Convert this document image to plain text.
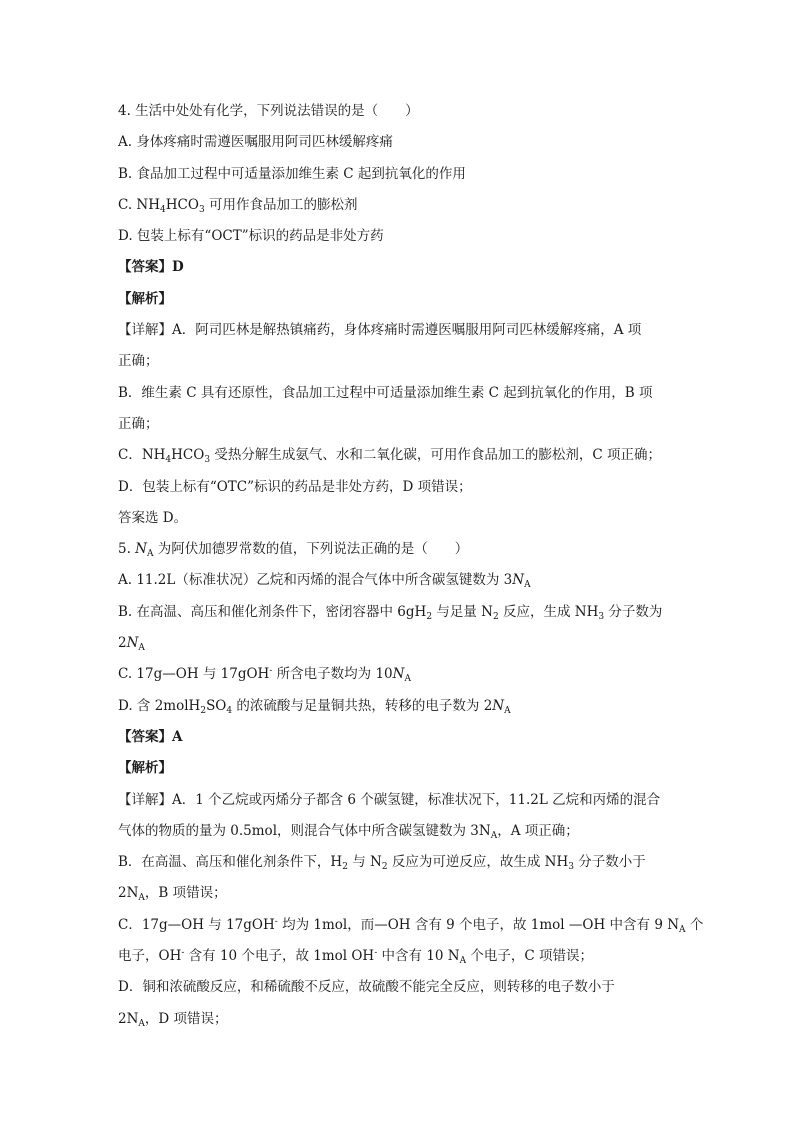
4. 生活中处处有化学，下列说法错误的是（　　）
A. 身体疼痛时需遵医嘱服用阿司匹林缓解疼痛
B. 食品加工过程中可适量添加维生素 C 起到抗氧化的作用
C. $NH_4HCO_3$ 可用作食品加工的膨松剂
D. 包装上标有“OCT”标识的药品是非处方药
【答案】D
【解析】
【详解】A．阿司匹林是解热镇痛药，身体疼痛时需遵医嘱服用阿司匹林缓解疼痛，A 项
正确；
B．维生素 C 具有还原性，食品加工过程中可适量添加维生素 C 起到抗氧化的作用，B 项
正确；
C．$NH_4HCO_3$ 受热分解生成氨气、水和二氧化碳，可用作食品加工的膨松剂，C 项正确；
D．包装上标有“OTC”标识的药品是非处方药，D 项错误；
答案选 D。
5. $N_A$ 为阿伏加德罗常数的值，下列说法正确的是（　　）
A. 11.2L（标准状况）乙烷和丙烯的混合气体中所含碳氢键数为 $3N_A$
B. 在高温、高压和催化剂条件下，密闭容器中 $6gH_2$ 与足量 $N_2$ 反应，生成 $NH_3$ 分子数为
$2N_A$
C. 17g—OH 与 17gOH- 所含电子数均为 $10N_A$
D. 含 $2molH_2SO_4$ 的浓硫酸与足量铜共热，转移的电子数为 $2N_A$
【答案】A
【解析】
【详解】A．1 个乙烷或丙烯分子都含 6 个碳氢键，标准状况下，11.2L 乙烷和丙烯的混合
气体的物质的量为 0.5mol，则混合气体中所含碳氢键数为 $3N_A$，A 项正确；
B．在高温、高压和催化剂条件下，$H_2$ 与 $N_2$ 反应为可逆反应，故生成 $NH_3$ 分子数小于
$2N_A$，B 项错误；
C．17g—OH 与 17gOH- 均为 1mol，而—OH 含有 9 个电子，故 1mol —OH 中含有 9 $N_A$ 个
电子，OH- 含有 10 个电子，故 1mol OH- 中含有 10 $N_A$ 个电子，C 项错误；
D．铜和浓硫酸反应，和稀硫酸不反应，故硫酸不能完全反应，则转移的电子数小于
$2N_A$，D 项错误；
